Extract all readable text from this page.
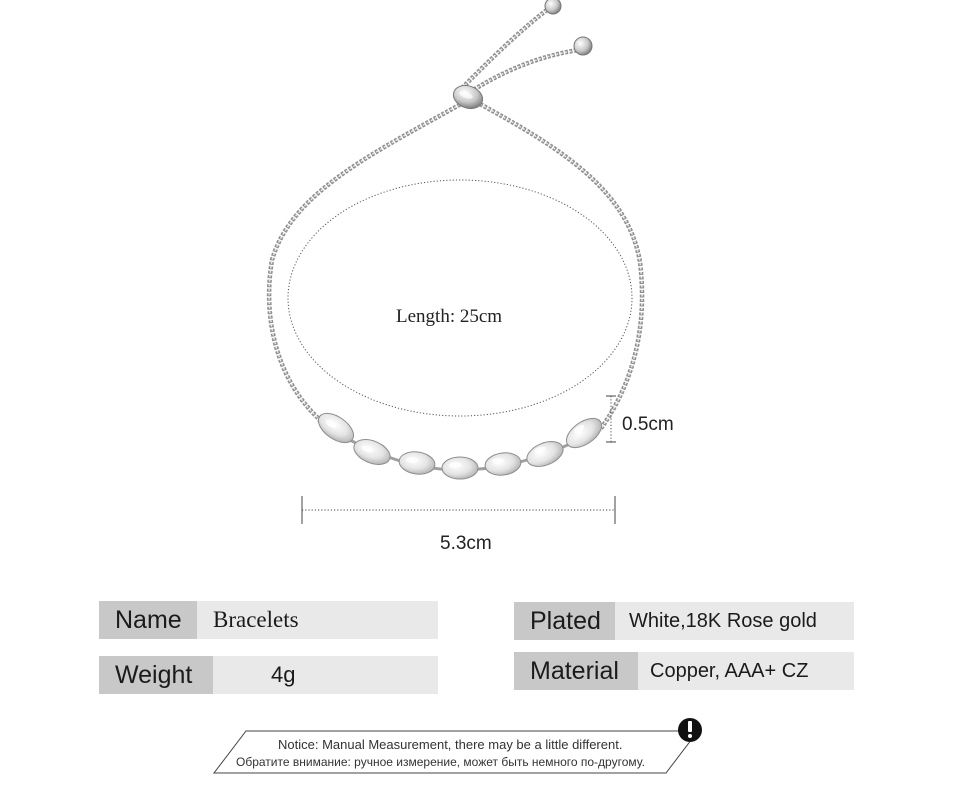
Length: 25cm
0.5cm
5.3cm
Name	Bracelets
Weight	4g
Plated	White,18K Rose gold
Material	Copper, AAA+ CZ
Notice: Manual Measurement, there may be a little different.
Обратите внимание: ручное измерение, может быть немного по-другому.
